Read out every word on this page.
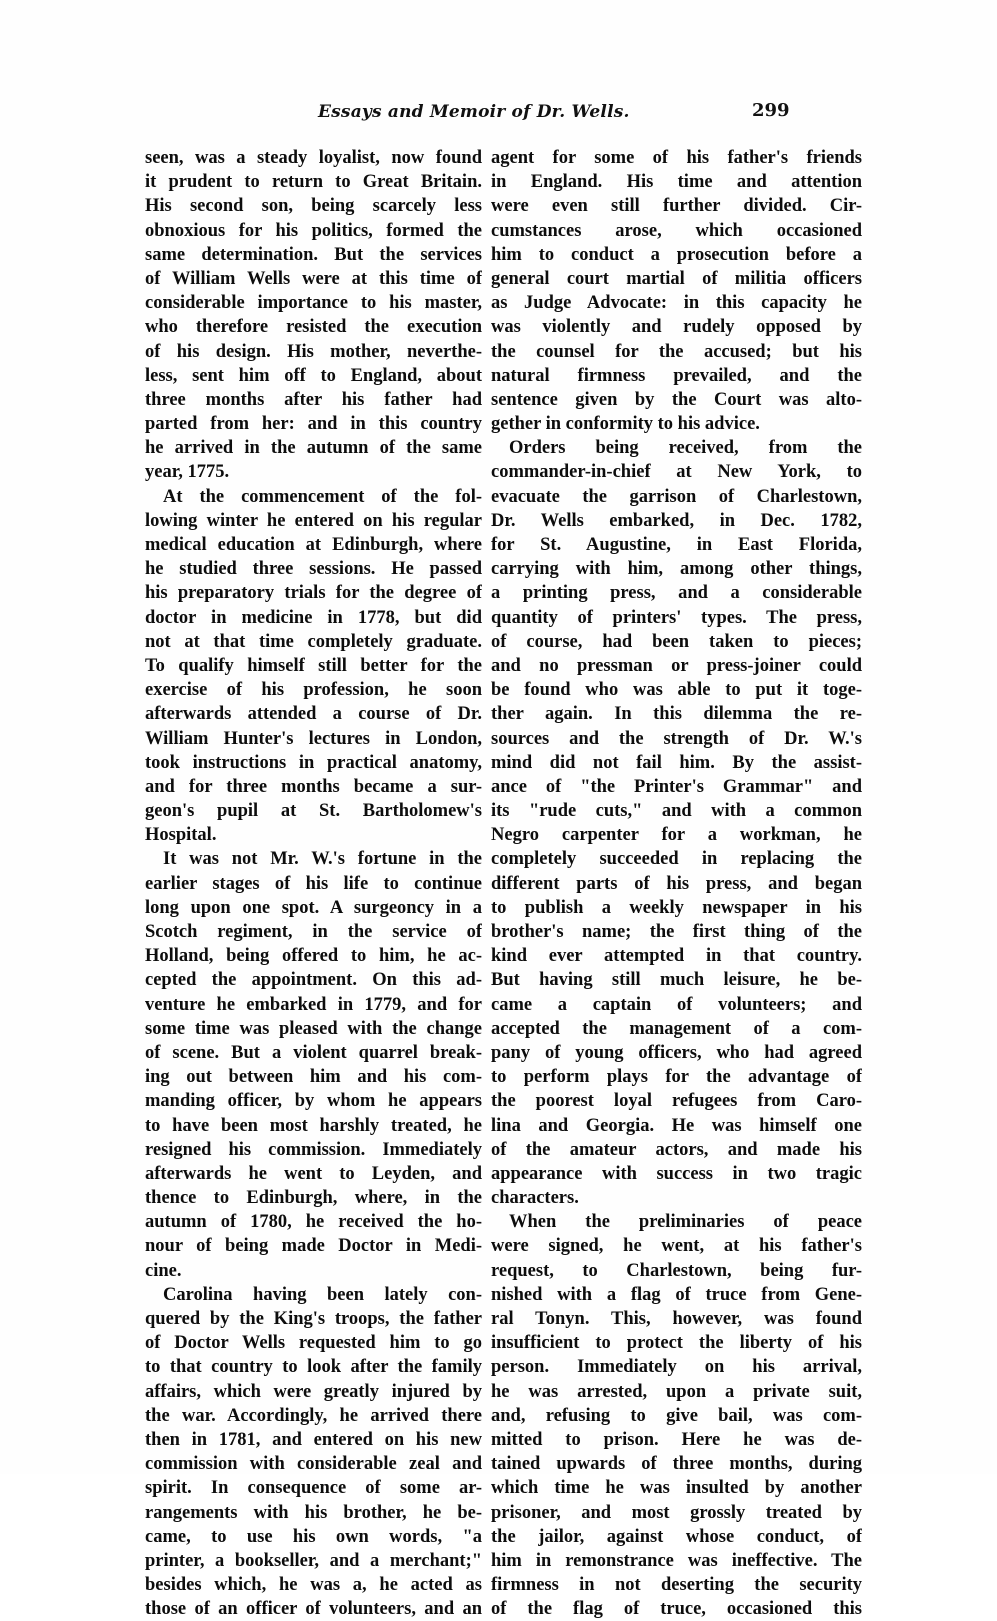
Essays and Memoir of Dr. Wells.	299
seen, was a steady loyalist, now found
it prudent to return to Great Britain.
His second son, being scarcely less
obnoxious for his politics, formed the
same determination. But the services
of William Wells were at this time of
considerable importance to his master,
who therefore resisted the execution
of his design. His mother, neverthe-
less, sent him off to England, about
three months after his father had
parted from her: and in this country
he arrived in the autumn of the same
year, 1775.
At the commencement of the fol-
lowing winter he entered on his regular
medical education at Edinburgh, where
he studied three sessions. He passed
his preparatory trials for the degree of
doctor in medicine in 1778, but did
not at that time completely graduate.
To qualify himself still better for the
exercise of his profession, he soon
afterwards attended a course of Dr.
William Hunter's lectures in London,
took instructions in practical anatomy,
and for three months became a sur-
geon's pupil at St. Bartholomew's
Hospital.
It was not Mr. W.'s fortune in the
earlier stages of his life to continue
long upon one spot. A surgeoncy in a
Scotch regiment, in the service of
Holland, being offered to him, he ac-
cepted the appointment. On this ad-
venture he embarked in 1779, and for
some time was pleased with the change
of scene. But a violent quarrel break-
ing out between him and his com-
manding officer, by whom he appears
to have been most harshly treated, he
resigned his commission. Immediately
afterwards he went to Leyden, and
thence to Edinburgh, where, in the
autumn of 1780, he received the ho-
nour of being made Doctor in Medi-
cine.
Carolina having been lately con-
quered by the King's troops, the father
of Doctor Wells requested him to go
to that country to look after the family
affairs, which were greatly injured by
the war. Accordingly, he arrived there
then in 1781, and entered on his new
commission with considerable zeal and
spirit. In consequence of some ar-
rangements with his brother, he be-
came, to use his own words, "a
printer, a bookseller, and a merchant;"
besides which, he was a, he acted as
those of an officer of volunteers, and an
agent for some of his father's friends
in England. His time and attention
were even still further divided. Cir-
cumstances arose, which occasioned
him to conduct a prosecution before a
general court martial of militia officers
as Judge Advocate: in this capacity he
was violently and rudely opposed by
the counsel for the accused; but his
natural firmness prevailed, and the
sentence given by the Court was alto-
gether in conformity to his advice.
Orders being received, from the
commander-in-chief at New York, to
evacuate the garrison of Charlestown,
Dr. Wells embarked, in Dec. 1782,
for St. Augustine, in East Florida,
carrying with him, among other things,
a printing press, and a considerable
quantity of printers' types. The press,
of course, had been taken to pieces;
and no pressman or press-joiner could
be found who was able to put it toge-
ther again. In this dilemma the re-
sources and the strength of Dr. W.'s
mind did not fail him. By the assist-
ance of "the Printer's Grammar" and
its "rude cuts," and with a common
Negro carpenter for a workman, he
completely succeeded in replacing the
different parts of his press, and began
to publish a weekly newspaper in his
brother's name; the first thing of the
kind ever attempted in that country.
But having still much leisure, he be-
came a captain of volunteers; and
accepted the management of a com-
pany of young officers, who had agreed
to perform plays for the advantage of
the poorest loyal refugees from Caro-
lina and Georgia. He was himself one
of the amateur actors, and made his
appearance with success in two tragic
characters.
When the preliminaries of peace
were signed, he went, at his father's
request, to Charlestown, being fur-
nished with a flag of truce from Gene-
ral Tonyn. This, however, was found
insufficient to protect the liberty of his
person. Immediately on his arrival,
he was arrested, upon a private suit,
and, refusing to give bail, was com-
mitted to prison. Here he was de-
tained upwards of three months, during
which time he was insulted by another
prisoner, and most grossly treated by
the jailor, against whose conduct, of
him in remonstrance was ineffective. The
firmness in not deserting the security
of the flag of truce, occasioned this
